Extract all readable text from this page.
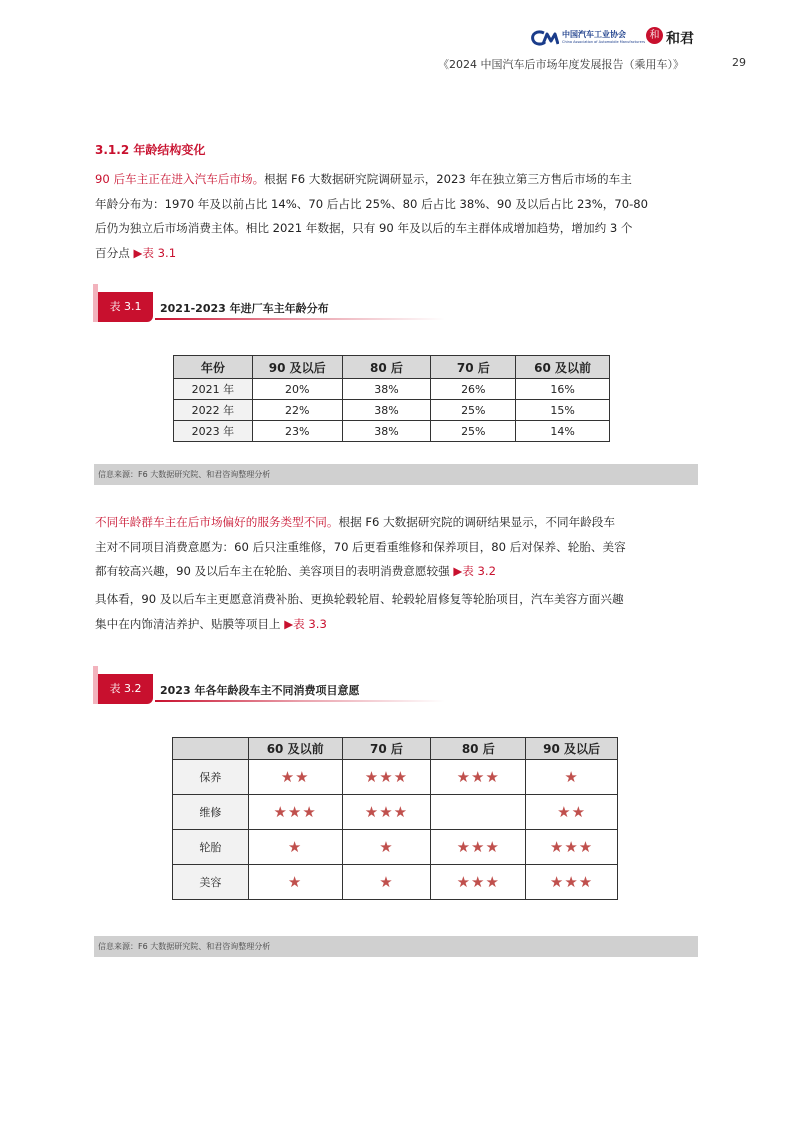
中国汽车工业协会
China Association of Automobile Manufacturers
和 和君
《2024 中国汽车后市场年度发展报告（乘用车）》	29
3.1.2 年龄结构变化

90 后车主正在进入汽车后市场。根据 F6 大数据研究院调研显示，2023 年在独立第三方售后市场的车主

年龄分布为：1970 年及以前占比 14%、70 后占比 25%、80 后占比 38%、90 及以后占比 23%，70-80

后仍为独立后市场消费主体。相比 2021 年数据，只有 90 年及以后的车主群体成增加趋势，增加约 3 个

百分点 ▶表 3.1

表 3.1	2021-2023 年进厂车主年龄分布
年份	90 及以后	80 后	70 后	60 及以前
2021 年	20%	38%	26%	16%
2022 年	22%	38%	25%	15%
2023 年	23%	38%	25%	14%
信息来源：F6 大数据研究院、和君咨询整理分析

不同年龄群车主在后市场偏好的服务类型不同。根据 F6 大数据研究院的调研结果显示，不同年龄段车

主对不同项目消费意愿为：60 后只注重维修，70 后更看重维修和保养项目，80 后对保养、轮胎、美容

都有较高兴趣，90 及以后车主在轮胎、美容项目的表明消费意愿较强 ▶表 3.2

具体看，90 及以后车主更愿意消费补胎、更换轮毂轮眉、轮毂轮眉修复等轮胎项目，汽车美容方面兴趣

集中在内饰清洁养护、贴膜等项目上 ▶表 3.3

表 3.2	2023 年各年龄段车主不同消费项目意愿
	60 及以前	70 后	80 后	90 及以后
保养	★★	★★★	★★★	★
维修	★★★	★★★		★★
轮胎	★	★	★★★	★★★
美容	★	★	★★★	★★★
信息来源：F6 大数据研究院、和君咨询整理分析
